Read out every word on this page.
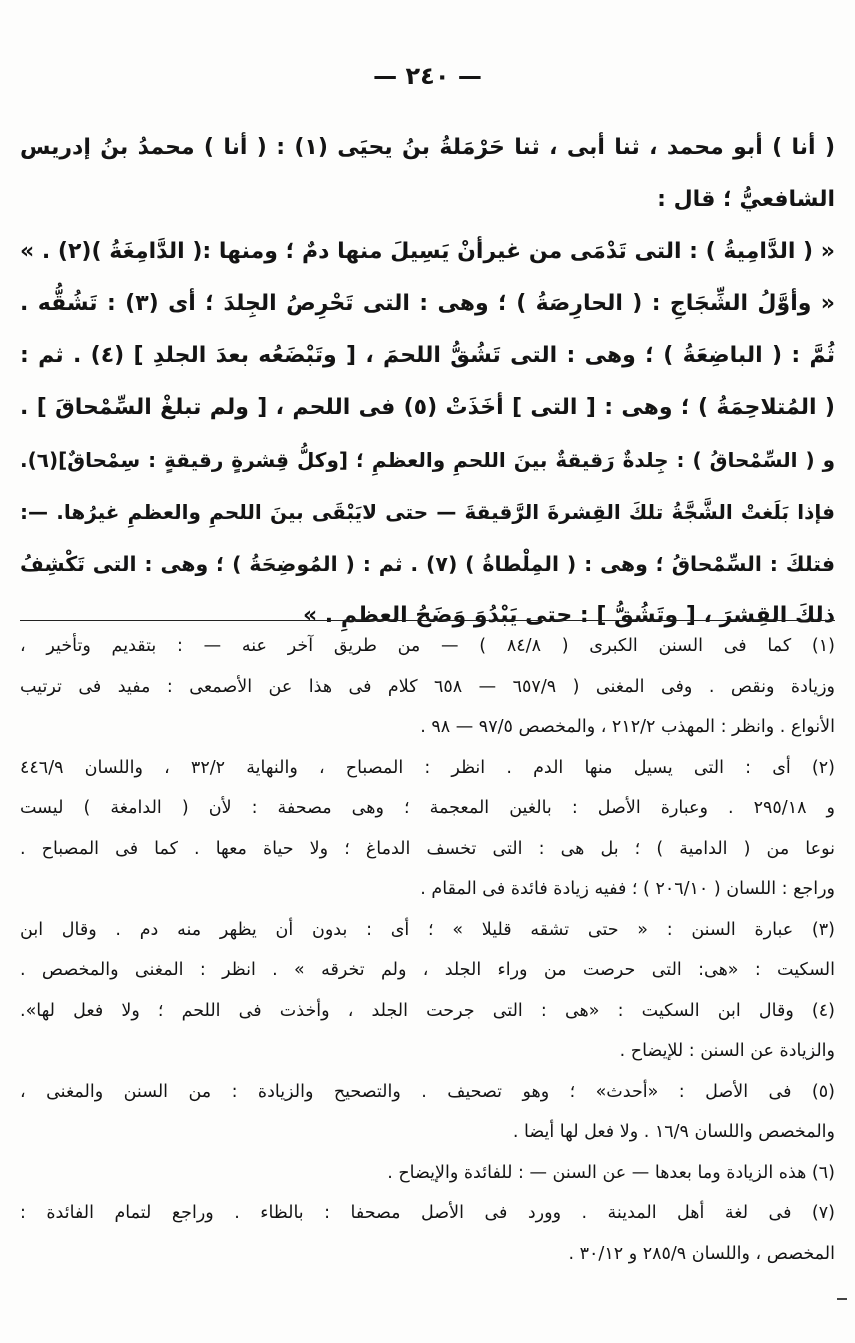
— ٢٤٠ —
( أنا ) أبو محمد ، ثنا أبى ، ثنا حَرْمَلةُ بنُ يحيَى (١) : ( أنا ) محمدُ بنُ إدريس
الشافعيُّ ؛ قال :
« ( الدَّامِيةُ ) : التى تَدْمَى من غيرأنْ يَسِيلَ منها دمٌ ؛ ومنها :( الدَّامِغَةُ )(٢) . »
« وأوَّلُ الشِّجَاجِ : ( الحارِصَةُ ) ؛ وهى : التى تَحْرِصُ الجِلدَ ؛ أى (٣) : تَشُقُّه .
ثُمَّ : ( الباضِعَةُ ) ؛ وهى : التى تَشُقُّ اللحمَ ، [ وتَبْضَعُه بعدَ الجلدِ ] (٤) . ثم :
( المُتلاحِمَةُ ) ؛ وهى : [ التى ] أخَذَتْ (٥) فى اللحم ، [ ولم تبلغْ السِّمْحاقَ ] .
و ( السِّمْحاقُ ) : جِلدةٌ رَقيقةٌ بينَ اللحمِ والعظمِ ؛ [وكلُّ قِشرةٍ رقيقةٍ : سِمْحاقٌ](٦).
فإذا بَلَغتْ الشَّجَّةُ تلكَ القِشرةَ الرَّقيقةَ — حتى لايَبْقَى بينَ اللحمِ والعظمِ غيرُها. —:
فتلكَ : السِّمْحاقُ ؛ وهى : ( المِلْطاةُ ) (٧) . ثم : ( المُوضِحَةُ ) ؛ وهى : التى تَكْشِفُ
ذلكَ القِشرَ ، [ وتَشُقُّ ] : حتى يَبْدُوَ وَضَحُ العظمِ . »
(١) كما فى السنن الكبرى ( ٨٤/٨ ) — من طريق آخر عنه — : بتقديم وتأخير ،
وزيادة ونقص . وفى المغنى ( ٦٥٧/٩ — ٦٥٨ كلام فى هذا عن الأصمعى : مفيد فى ترتيب
الأنواع . وانظر : المهذب ٢١٢/٢ ، والمخصص ٩٧/٥ — ٩٨ .
(٢) أى : التى يسيل منها الدم . انظر : المصباح ، والنهاية ٣٢/٢ ، واللسان ٤٤٦/٩
و ٢٩٥/١٨ . وعبارة الأصل : بالغين المعجمة ؛ وهى مصحفة : لأن ( الدامغة ) ليست
نوعا من ( الدامية ) ؛ بل هى : التى تخسف الدماغ ؛ ولا حياة معها . كما فى المصباح .
وراجع : اللسان ( ٢٠٦/١٠ ) ؛ ففيه زيادة فائدة فى المقام .
(٣) عبارة السنن : « حتى تشقه قليلا » ؛ أى : بدون أن يظهر منه دم . وقال ابن
السكيت : «هى: التى حرصت من وراء الجلد ، ولم تخرقه » . انظر : المغنى والمخصص .
(٤) وقال ابن السكيت : «هى : التى جرحت الجلد ، وأخذت فى اللحم ؛ ولا فعل لها».
والزيادة عن السنن : للإيضاح .
(٥) فى الأصل : «أحدث» ؛ وهو تصحيف . والتصحيح والزيادة : من السنن والمغنى ،
والمخصص واللسان ١٦/٩ . ولا فعل لها أيضا .
(٦) هذه الزيادة وما بعدها — عن السنن — : للفائدة والإيضاح .
(٧) فى لغة أهل المدينة . وورد فى الأصل مصحفا : بالظاء . وراجع لتمام الفائدة :
المخصص ، واللسان ٢٨٥/٩ و ٣٠/١٢ .
